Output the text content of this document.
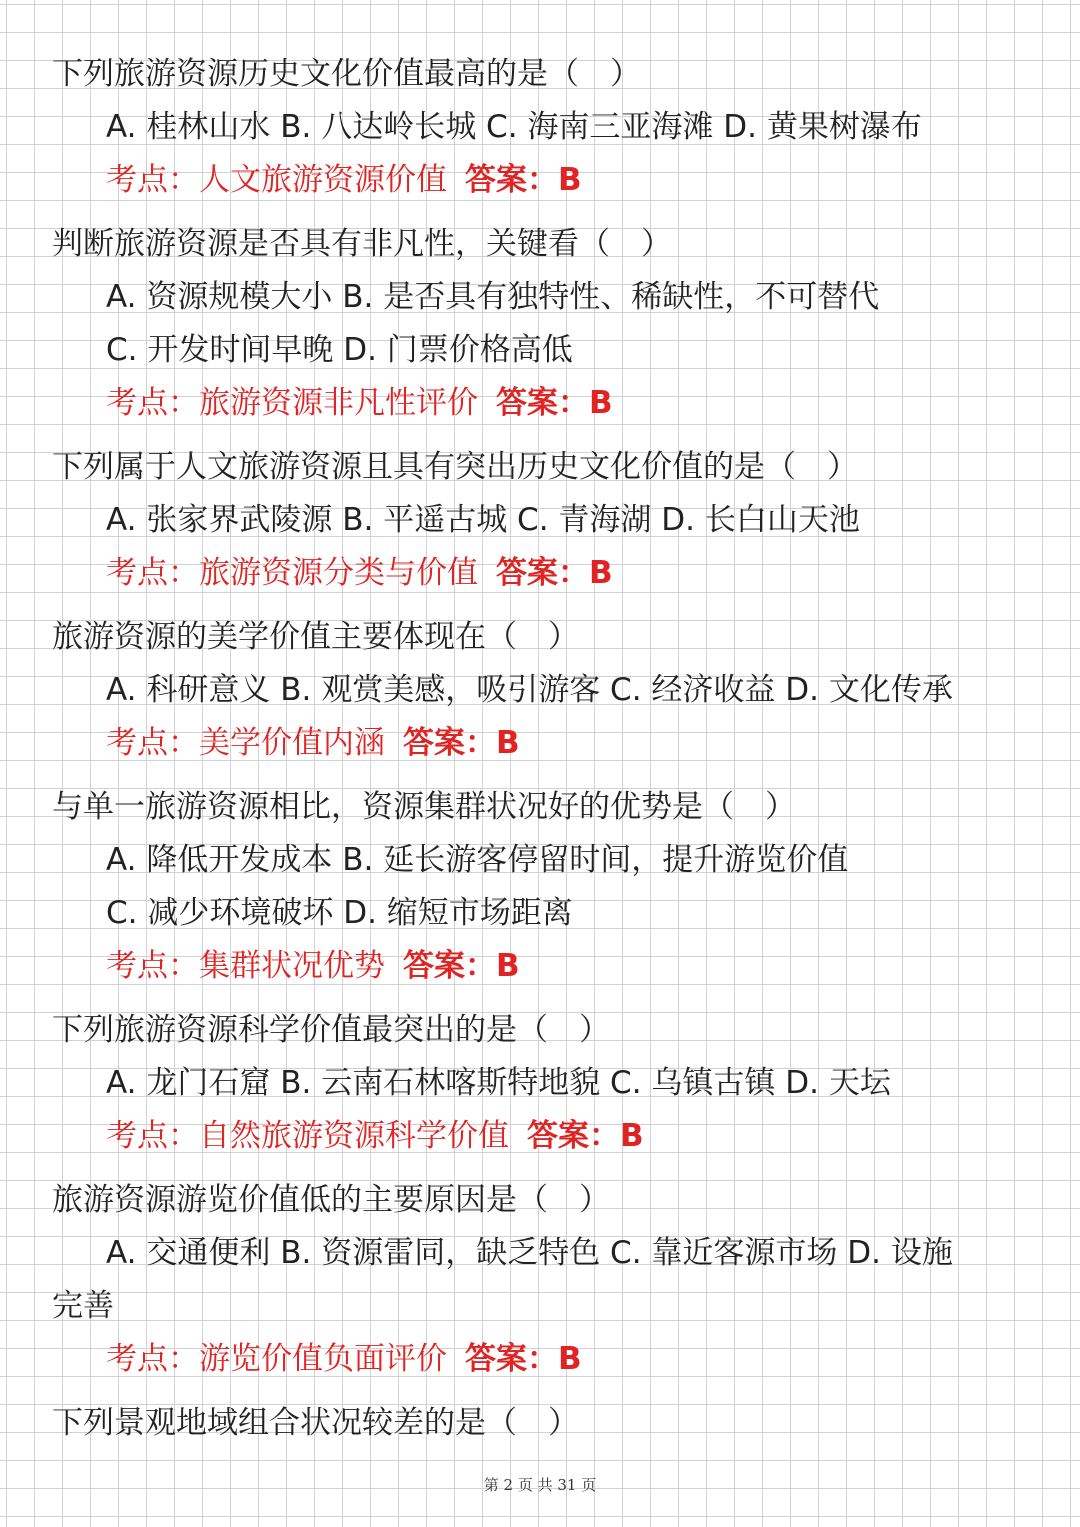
下列旅游资源历史文化价值最高的是（　）
A. 桂林山水 B. 八达岭长城 C. 海南三亚海滩 D. 黄果树瀑布
考点：人文旅游资源价值 答案：B
判断旅游资源是否具有非凡性，关键看（　）
A. 资源规模大小 B. 是否具有独特性、稀缺性，不可替代
C. 开发时间早晚 D. 门票价格高低
考点：旅游资源非凡性评价 答案：B
下列属于人文旅游资源且具有突出历史文化价值的是（　）
A. 张家界武陵源 B. 平遥古城 C. 青海湖 D. 长白山天池
考点：旅游资源分类与价值 答案：B
旅游资源的美学价值主要体现在（　）
A. 科研意义 B. 观赏美感，吸引游客 C. 经济收益 D. 文化传承
考点：美学价值内涵 答案：B
与单一旅游资源相比，资源集群状况好的优势是（　）
A. 降低开发成本 B. 延长游客停留时间，提升游览价值
C. 减少环境破坏 D. 缩短市场距离
考点：集群状况优势 答案：B
下列旅游资源科学价值最突出的是（　）
A. 龙门石窟 B. 云南石林喀斯特地貌 C. 乌镇古镇 D. 天坛
考点：自然旅游资源科学价值 答案：B
旅游资源游览价值低的主要原因是（　）
A. 交通便利 B. 资源雷同，缺乏特色 C. 靠近客源市场 D. 设施
完善
考点：游览价值负面评价 答案：B
下列景观地域组合状况较差的是（　）
第 2 页 共 31 页
